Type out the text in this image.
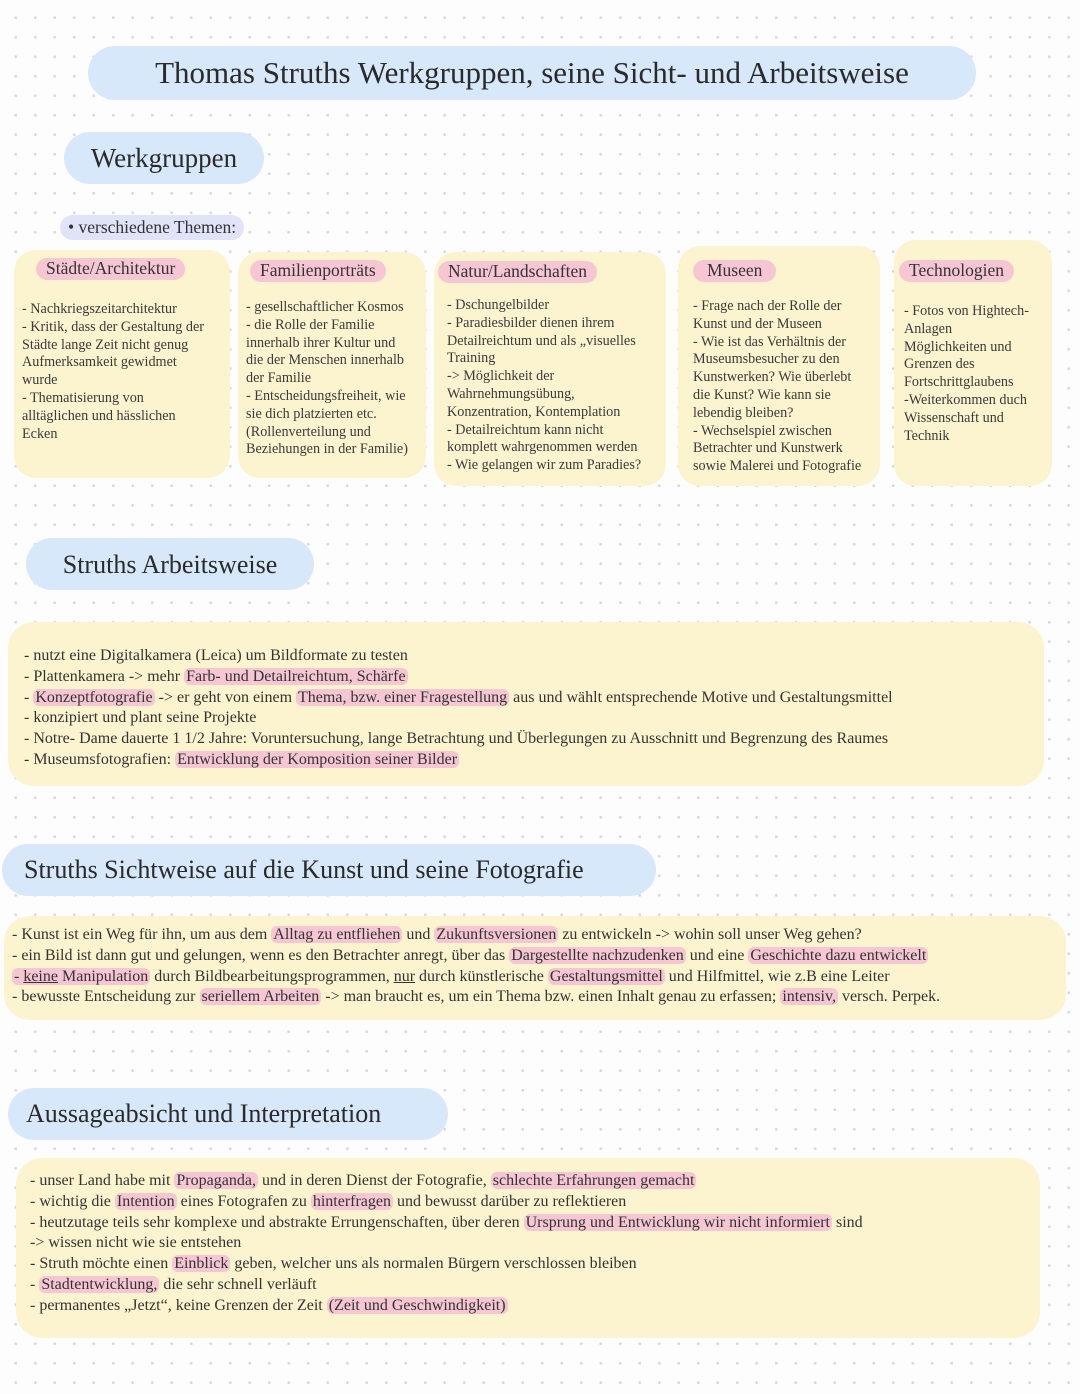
Thomas Struths Werkgruppen, seine Sicht- und Arbeitsweise
Werkgruppen
• verschiedene Themen:
Städte/Architektur
- Nachkriegszeitarchitektur
- Kritik, dass der Gestaltung der
Städte lange Zeit nicht genug
Aufmerksamkeit gewidmet
wurde
- Thematisierung von
alltäglichen und hässlichen
Ecken
Familienporträts
- gesellschaftlicher Kosmos
- die Rolle der Familie
innerhalb ihrer Kultur und
die der Menschen innerhalb
der Familie
- Entscheidungsfreiheit, wie
sie dich platzierten etc.
(Rollenverteilung und
Beziehungen in der Familie)
Natur/Landschaften
- Dschungelbilder
- Paradiesbilder dienen ihrem
Detailreichtum und als „visuelles
Training
-> Möglichkeit der
Wahrnehmungsübung,
Konzentration, Kontemplation
- Detailreichtum kann nicht
komplett wahrgenommen werden
- Wie gelangen wir zum Paradies?
Museen
- Frage nach der Rolle der
Kunst und der Museen
- Wie ist das Verhältnis der
Museumsbesucher zu den
Kunstwerken? Wie überlebt
die Kunst? Wie kann sie
lebendig bleiben?
- Wechselspiel zwischen
Betrachter und Kunstwerk
sowie Malerei und Fotografie
Technologien
- Fotos von Hightech-
Anlagen
Möglichkeiten und
Grenzen des
Fortschrittglaubens
-Weiterkommen duch
Wissenschaft und
Technik
Struths Arbeitsweise
- nutzt eine Digitalkamera (Leica) um Bildformate zu testen
- Plattenkamera -> mehr Farb- und Detailreichtum, Schärfe
- Konzeptfotografie -> er geht von einem Thema, bzw. einer Fragestellung aus und wählt entsprechende Motive und Gestaltungsmittel
- konzipiert und plant seine Projekte
- Notre- Dame dauerte 1 1/2 Jahre: Voruntersuchung, lange Betrachtung und Überlegungen zu Ausschnitt und Begrenzung des Raumes
- Museumsfotografien: Entwicklung der Komposition seiner Bilder
Struths Sichtweise auf die Kunst und seine Fotografie
- Kunst ist ein Weg für ihn, um aus dem Alltag zu entfliehen und Zukunftsversionen zu entwickeln -> wohin soll unser Weg gehen?
- ein Bild ist dann gut und gelungen, wenn es den Betrachter anregt, über das Dargestellte nachzudenken und eine Geschichte dazu entwickelt
- keine Manipulation durch Bildbearbeitungsprogrammen, nur durch künstlerische Gestaltungsmittel und Hilfmittel, wie z.B eine Leiter
- bewusste Entscheidung zur seriellem Arbeiten -> man braucht es, um ein Thema bzw. einen Inhalt genau zu erfassen; intensiv, versch. Perpek.
Aussageabsicht und Interpretation
- unser Land habe mit Propaganda, und in deren Dienst der Fotografie, schlechte Erfahrungen gemacht
- wichtig die Intention eines Fotografen zu hinterfragen und bewusst darüber zu reflektieren
- heutzutage teils sehr komplexe und abstrakte Errungenschaften, über deren Ursprung und Entwicklung wir nicht informiert sind
-> wissen nicht wie sie entstehen
- Struth möchte einen Einblick geben, welcher uns als normalen Bürgern verschlossen bleiben
- Stadtentwicklung, die sehr schnell verläuft
- permanentes „Jetzt“, keine Grenzen der Zeit (Zeit und Geschwindigkeit)
